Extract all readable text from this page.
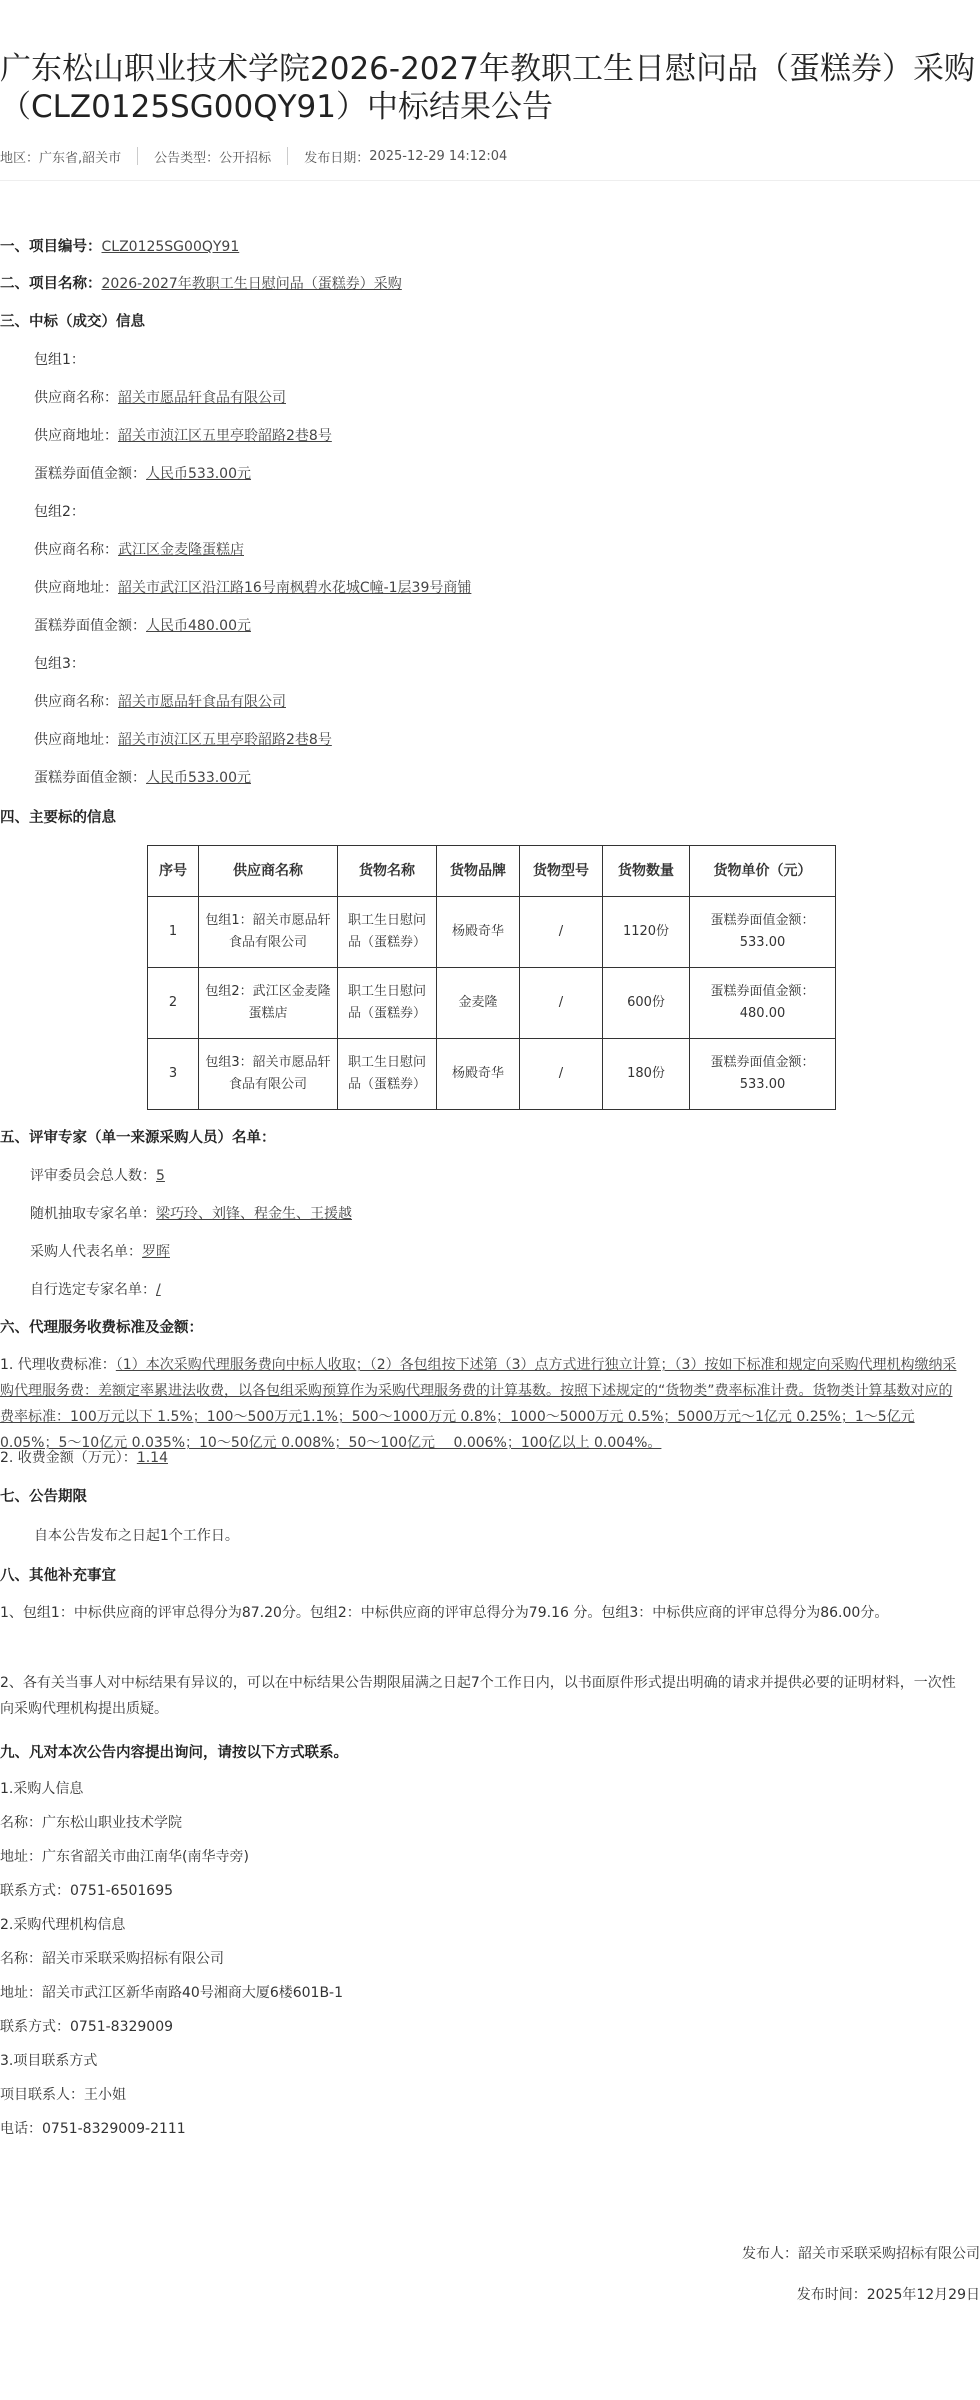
广东松山职业技术学院2026-2027年教职工生日慰问品（蛋糕券）采购（CLZ0125SG00QY91）中标结果公告
地区： 广东省,韶关市	公告类型： 公开招标	发布日期： 2025-12-29 14:12:04
一、项目编号：CLZ0125SG00QY91
二、项目名称：2026-2027年教职工生日慰问品（蛋糕券）采购
三、中标（成交）信息
包组1：
供应商名称：韶关市愿品轩食品有限公司
供应商地址：韶关市浈江区五里亭聆韶路2巷8号
蛋糕券面值金额：人民币533.00元
包组2：
供应商名称：武江区金麦隆蛋糕店
供应商地址：韶关市武江区沿江路16号南枫碧水花城C幢-1层39号商铺
蛋糕券面值金额：人民币480.00元
包组3：
供应商名称：韶关市愿品轩食品有限公司
供应商地址：韶关市浈江区五里亭聆韶路2巷8号
蛋糕券面值金额：人民币533.00元
四、主要标的信息
序号	供应商名称	货物名称	货物品牌	货物型号	货物数量	货物单价（元）
1	包组1：韶关市愿品轩食品有限公司	职工生日慰问品（蛋糕券）	杨殿奇华	/	1120份	蛋糕券面值金额：533.00
2	包组2：武江区金麦隆蛋糕店	职工生日慰问品（蛋糕券）	金麦隆	/	600份	蛋糕券面值金额：480.00
3	包组3：韶关市愿品轩食品有限公司	职工生日慰问品（蛋糕券）	杨殿奇华	/	180份	蛋糕券面值金额：533.00
五、评审专家（单一来源采购人员）名单：
评审委员会总人数：5
随机抽取专家名单：梁巧玲、刘锋、程金生、王援越
采购人代表名单：罗晖
自行选定专家名单：/
六、代理服务收费标准及金额：
1. 代理收费标准：（1）本次采购代理服务费向中标人收取；（2）各包组按下述第（3）点方式进行独立计算；（3）按如下标准和规定向采购代理机构缴纳采购代理服务费：差额定率累进法收费，以各包组采购预算作为采购代理服务费的计算基数。按照下述规定的“货物类”费率标准计费。货物类计算基数对应的费率标准：100万元以下 1.5%；100～500万元1.1%；500～1000万元 0.8%；1000～5000万元 0.5%；5000万元～1亿元 0.25%；1～5亿元0.05%；5～10亿元 0.035%；10～50亿元 0.008%；50～100亿元　 0.006%；100亿以上 0.004%。
2. 收费金额（万元）：1.14
七、公告期限
自本公告发布之日起1个工作日。
八、其他补充事宜
1、包组1：中标供应商的评审总得分为87.20分。包组2：中标供应商的评审总得分为79.16 分。包组3：中标供应商的评审总得分为86.00分。
2、各有关当事人对中标结果有异议的，可以在中标结果公告期限届满之日起7个工作日内，以书面原件形式提出明确的请求并提供必要的证明材料，一次性向采购代理机构提出质疑。
九、凡对本次公告内容提出询问，请按以下方式联系。
1.采购人信息
名称：广东松山职业技术学院
地址：广东省韶关市曲江南华(南华寺旁)
联系方式：0751-6501695
2.采购代理机构信息
名称：韶关市采联采购招标有限公司
地址：韶关市武江区新华南路40号湘商大厦6楼601B-1
联系方式：0751-8329009
3.项目联系方式
项目联系人：王小姐
电话：0751-8329009-2111
发布人：韶关市采联采购招标有限公司
发布时间：2025年12月29日
